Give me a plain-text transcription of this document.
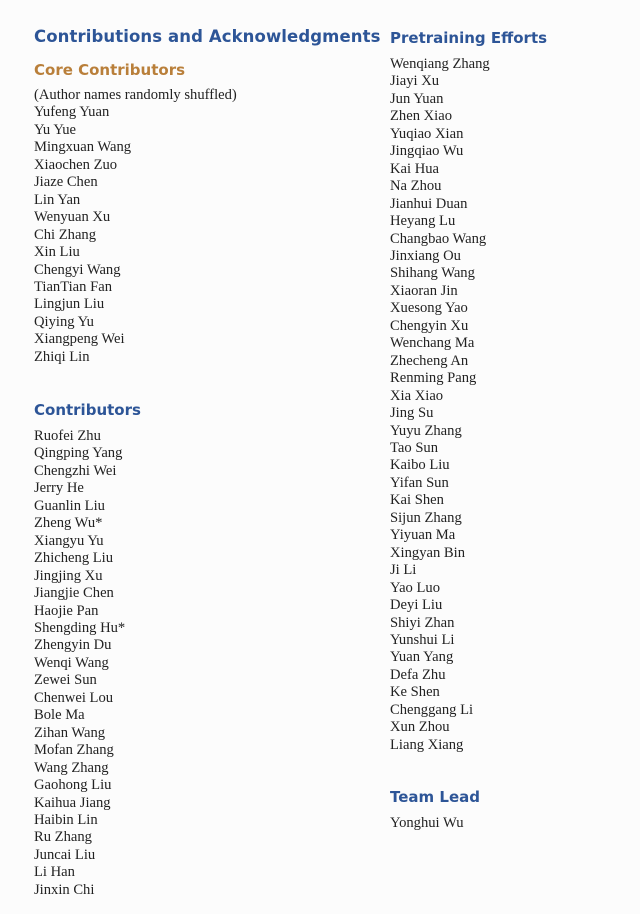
Contributions and Acknowledgments
Core Contributors

(Author names randomly shuffled)

Yufeng Yuan
Yu Yue
Mingxuan Wang
Xiaochen Zuo
Jiaze Chen
Lin Yan
Wenyuan Xu
Chi Zhang
Xin Liu
Chengyi Wang
TianTian Fan
Lingjun Liu
Qiying Yu
Xiangpeng Wei
Zhiqi Lin
Contributors
Ruofei Zhu
Qingping Yang
Chengzhi Wei
Jerry He
Guanlin Liu
Zheng Wu*
Xiangyu Yu
Zhicheng Liu
Jingjing Xu
Jiangjie Chen
Haojie Pan
Shengding Hu*
Zhengyin Du
Wenqi Wang
Zewei Sun
Chenwei Lou
Bole Ma
Zihan Wang
Mofan Zhang
Wang Zhang
Gaohong Liu
Kaihua Jiang
Haibin Lin
Ru Zhang
Juncai Liu
Li Han
Jinxin Chi
Pretraining Efforts
Wenqiang Zhang
Jiayi Xu
Jun Yuan
Zhen Xiao
Yuqiao Xian
Jingqiao Wu
Kai Hua
Na Zhou
Jianhui Duan
Heyang Lu
Changbao Wang
Jinxiang Ou
Shihang Wang
Xiaoran Jin
Xuesong Yao
Chengyin Xu
Wenchang Ma
Zhecheng An
Renming Pang
Xia Xiao
Jing Su
Yuyu Zhang
Tao Sun
Kaibo Liu
Yifan Sun
Kai Shen
Sijun Zhang
Yiyuan Ma
Xingyan Bin
Ji Li
Yao Luo
Deyi Liu
Shiyi Zhan
Yunshui Li
Yuan Yang
Defa Zhu
Ke Shen
Chenggang Li
Xun Zhou
Liang Xiang
Team Lead
Yonghui Wu
